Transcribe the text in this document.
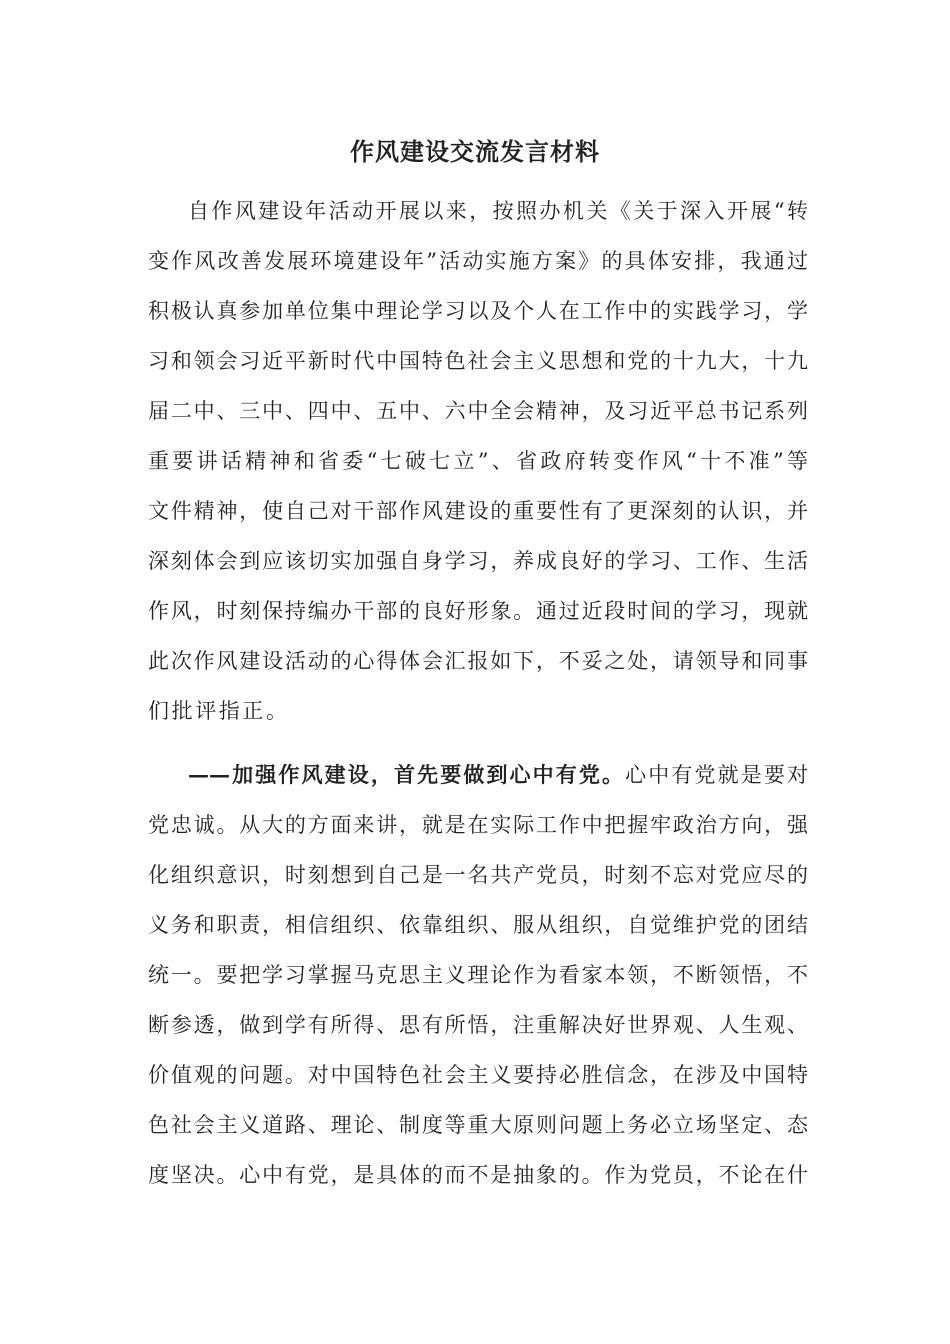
作风建设交流发言材料
自作风建设年活动开展以来，按照办机关《关于深入开展“转
变作风改善发展环境建设年”活动实施方案》的具体安排，我通过
积极认真参加单位集中理论学习以及个人在工作中的实践学习，学
习和领会习近平新时代中国特色社会主义思想和党的十九大，十九
届二中、三中、四中、五中、六中全会精神，及习近平总书记系列
重要讲话精神和省委“七破七立”、省政府转变作风“十不准”等
文件精神，使自己对干部作风建设的重要性有了更深刻的认识，并
深刻体会到应该切实加强自身学习，养成良好的学习、工作、生活
作风，时刻保持编办干部的良好形象。通过近段时间的学习，现就
此次作风建设活动的心得体会汇报如下，不妥之处，请领导和同事
们批评指正。
——加强作风建设，首先要做到心中有党。心中有党就是要对
党忠诚。从大的方面来讲，就是在实际工作中把握牢政治方向，强
化组织意识，时刻想到自己是一名共产党员，时刻不忘对党应尽的
义务和职责，相信组织、依靠组织、服从组织，自觉维护党的团结
统一。要把学习掌握马克思主义理论作为看家本领，不断领悟，不
断参透，做到学有所得、思有所悟，注重解决好世界观、人生观、
价值观的问题。对中国特色社会主义要持必胜信念，在涉及中国特
色社会主义道路、理论、制度等重大原则问题上务必立场坚定、态
度坚决。心中有党，是具体的而不是抽象的。作为党员，不论在什
